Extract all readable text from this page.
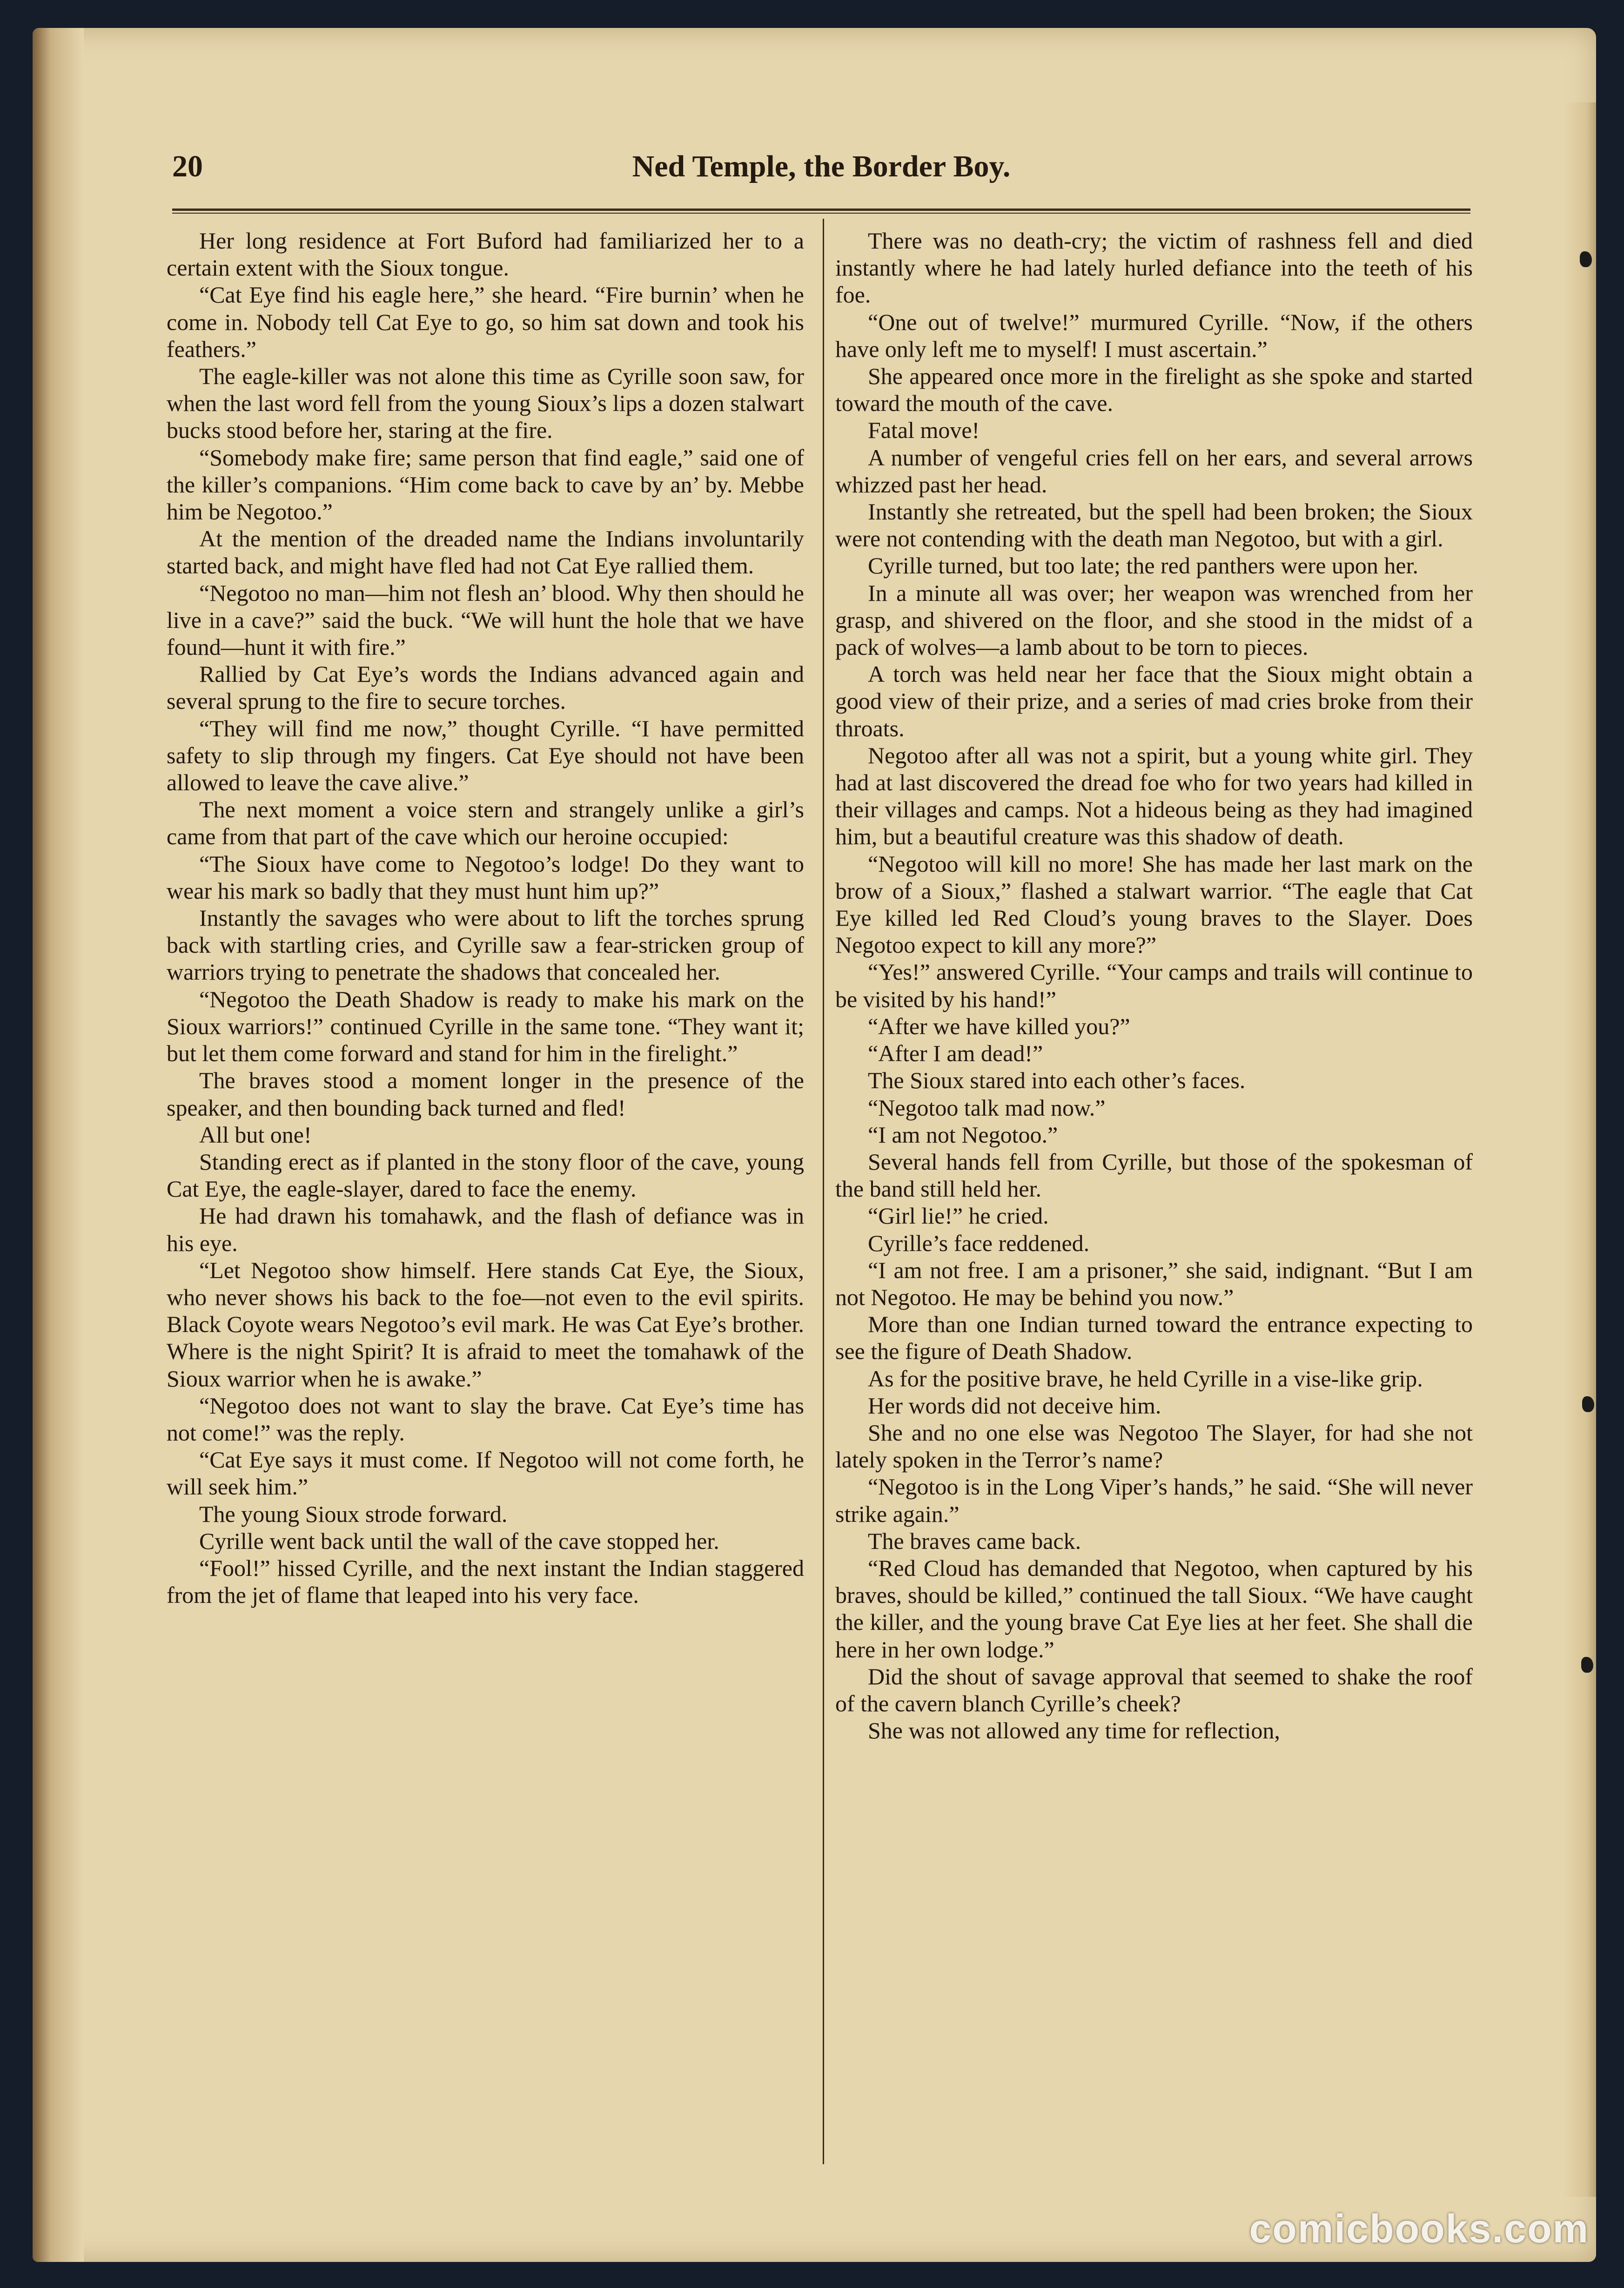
20	Ned Temple, the Border Boy.

Her long residence at Fort Buford had familiarized her to a certain extent with the Sioux tongue.

“Cat Eye find his eagle here,” she heard. “Fire burnin’ when he come in. Nobody tell Cat Eye to go, so him sat down and took his feathers.”

The eagle-killer was not alone this time as Cyrille soon saw, for when the last word fell from the young Sioux’s lips a dozen stalwart bucks stood before her, staring at the fire.

“Somebody make fire; same person that find eagle,” said one of the killer’s companions. “Him come back to cave by an’ by. Mebbe him be Negotoo.”

At the mention of the dreaded name the Indians involuntarily started back, and might have fled had not Cat Eye rallied them.

“Negotoo no man—him not flesh an’ blood. Why then should he live in a cave?” said the buck. “We will hunt the hole that we have found—hunt it with fire.”

Rallied by Cat Eye’s words the Indians advanced again and several sprung to the fire to secure torches.

“They will find me now,” thought Cyrille. “I have permitted safety to slip through my fingers. Cat Eye should not have been allowed to leave the cave alive.”

The next moment a voice stern and strangely unlike a girl’s came from that part of the cave which our heroine occupied:

“The Sioux have come to Negotoo’s lodge! Do they want to wear his mark so badly that they must hunt him up?”

Instantly the savages who were about to lift the torches sprung back with startling cries, and Cyrille saw a fear-stricken group of warriors trying to penetrate the shadows that concealed her.

“Negotoo the Death Shadow is ready to make his mark on the Sioux warriors!” continued Cyrille in the same tone. “They want it; but let them come forward and stand for him in the firelight.”

The braves stood a moment longer in the presence of the speaker, and then bounding back turned and fled!

All but one!

Standing erect as if planted in the stony floor of the cave, young Cat Eye, the eagle-slayer, dared to face the enemy.

He had drawn his tomahawk, and the flash of defiance was in his eye.

“Let Negotoo show himself. Here stands Cat Eye, the Sioux, who never shows his back to the foe—not even to the evil spirits. Black Coyote wears Negotoo’s evil mark. He was Cat Eye’s brother. Where is the night Spirit? It is afraid to meet the tomahawk of the Sioux warrior when he is awake.”

“Negotoo does not want to slay the brave. Cat Eye’s time has not come!” was the reply.

“Cat Eye says it must come. If Negotoo will not come forth, he will seek him.”

The young Sioux strode forward.

Cyrille went back until the wall of the cave stopped her.

“Fool!” hissed Cyrille, and the next instant the Indian staggered from the jet of flame that leaped into his very face.

There was no death-cry; the victim of rashness fell and died instantly where he had lately hurled defiance into the teeth of his foe.

“One out of twelve!” murmured Cyrille. “Now, if the others have only left me to myself! I must ascertain.”

She appeared once more in the firelight as she spoke and started toward the mouth of the cave.

Fatal move!

A number of vengeful cries fell on her ears, and several arrows whizzed past her head.

Instantly she retreated, but the spell had been broken; the Sioux were not contending with the death man Negotoo, but with a girl.

Cyrille turned, but too late; the red panthers were upon her.

In a minute all was over; her weapon was wrenched from her grasp, and shivered on the floor, and she stood in the midst of a pack of wolves—a lamb about to be torn to pieces.

A torch was held near her face that the Sioux might obtain a good view of their prize, and a series of mad cries broke from their throats.

Negotoo after all was not a spirit, but a young white girl. They had at last discovered the dread foe who for two years had killed in their villages and camps. Not a hideous being as they had imagined him, but a beautiful creature was this shadow of death.

“Negotoo will kill no more! She has made her last mark on the brow of a Sioux,” flashed a stalwart warrior. “The eagle that Cat Eye killed led Red Cloud’s young braves to the Slayer. Does Negotoo expect to kill any more?”

“Yes!” answered Cyrille. “Your camps and trails will continue to be visited by his hand!”

“After we have killed you?”

“After I am dead!”

The Sioux stared into each other’s faces.

“Negotoo talk mad now.”

“I am not Negotoo.”

Several hands fell from Cyrille, but those of the spokesman of the band still held her.

“Girl lie!” he cried.

Cyrille’s face reddened.

“I am not free. I am a prisoner,” she said, indignant. “But I am not Negotoo. He may be behind you now.”

More than one Indian turned toward the entrance expecting to see the figure of Death Shadow.

As for the positive brave, he held Cyrille in a vise-like grip.

Her words did not deceive him.

She and no one else was Negotoo The Slayer, for had she not lately spoken in the Terror’s name?

“Negotoo is in the Long Viper’s hands,” he said. “She will never strike again.”

The braves came back.

“Red Cloud has demanded that Negotoo, when captured by his braves, should be killed,” continued the tall Sioux. “We have caught the killer, and the young brave Cat Eye lies at her feet. She shall die here in her own lodge.”

Did the shout of savage approval that seemed to shake the roof of the cavern blanch Cyrille’s cheek?

She was not allowed any time for reflection,

comicbooks.com
